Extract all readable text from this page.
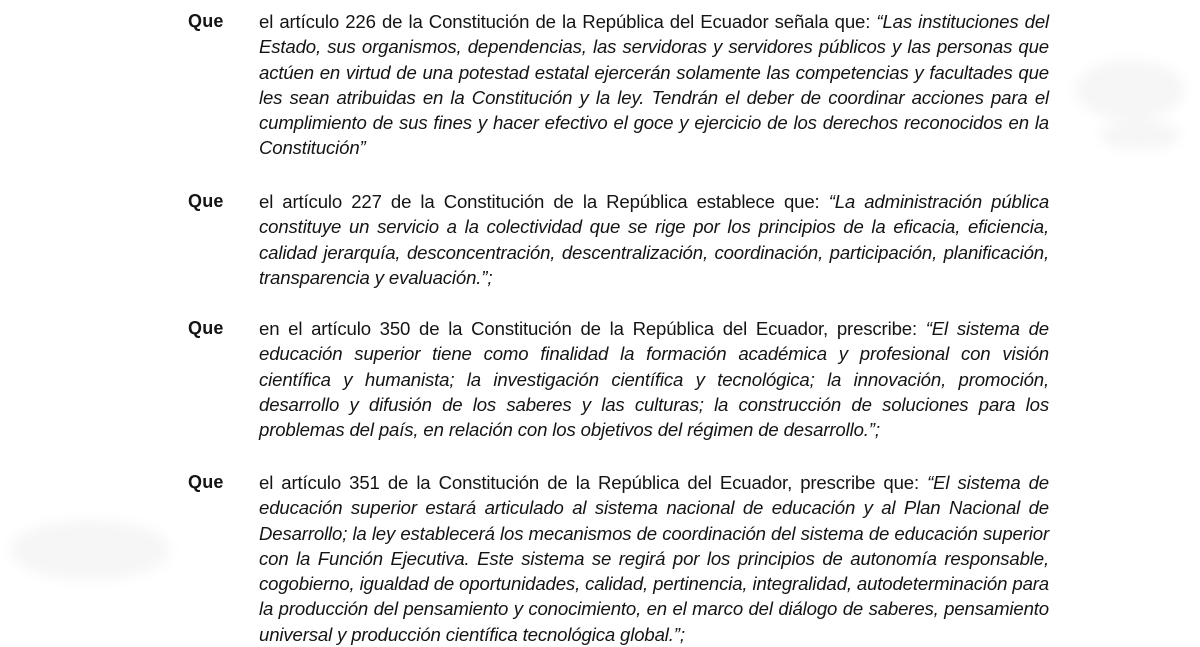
Que el artículo 226 de la Constitución de la República del Ecuador señala que: “Las instituciones del Estado, sus organismos, dependencias, las servidoras y servidores públicos y las personas que actúen en virtud de una potestad estatal ejercerán solamente las competencias y facultades que les sean atribuidas en la Constitución y la ley. Tendrán el deber de coordinar acciones para el cumplimiento de sus fines y hacer efectivo el goce y ejercicio de los derechos reconocidos en la Constitución”
Que el artículo 227 de la Constitución de la República establece que: “La administración pública constituye un servicio a la colectividad que se rige por los principios de la eficacia, eficiencia, calidad jerarquía, desconcentración, descentralización, coordinación, participación, planificación, transparencia y evaluación.”;
Que en el artículo 350 de la Constitución de la República del Ecuador, prescribe: “El sistema de educación superior tiene como finalidad la formación académica y profesional con visión científica y humanista; la investigación científica y tecnológica; la innovación, promoción, desarrollo y difusión de los saberes y las culturas; la construcción de soluciones para los problemas del país, en relación con los objetivos del régimen de desarrollo.”;
Que el artículo 351 de la Constitución de la República del Ecuador, prescribe que: “El sistema de educación superior estará articulado al sistema nacional de educación y al Plan Nacional de Desarrollo; la ley establecerá los mecanismos de coordinación del sistema de educación superior con la Función Ejecutiva. Este sistema se regirá por los principios de autonomía responsable, cogobierno, igualdad de oportunidades, calidad, pertinencia, integralidad, autodeterminación para la producción del pensamiento y conocimiento, en el marco del diálogo de saberes, pensamiento universal y producción científica tecnológica global.”;
